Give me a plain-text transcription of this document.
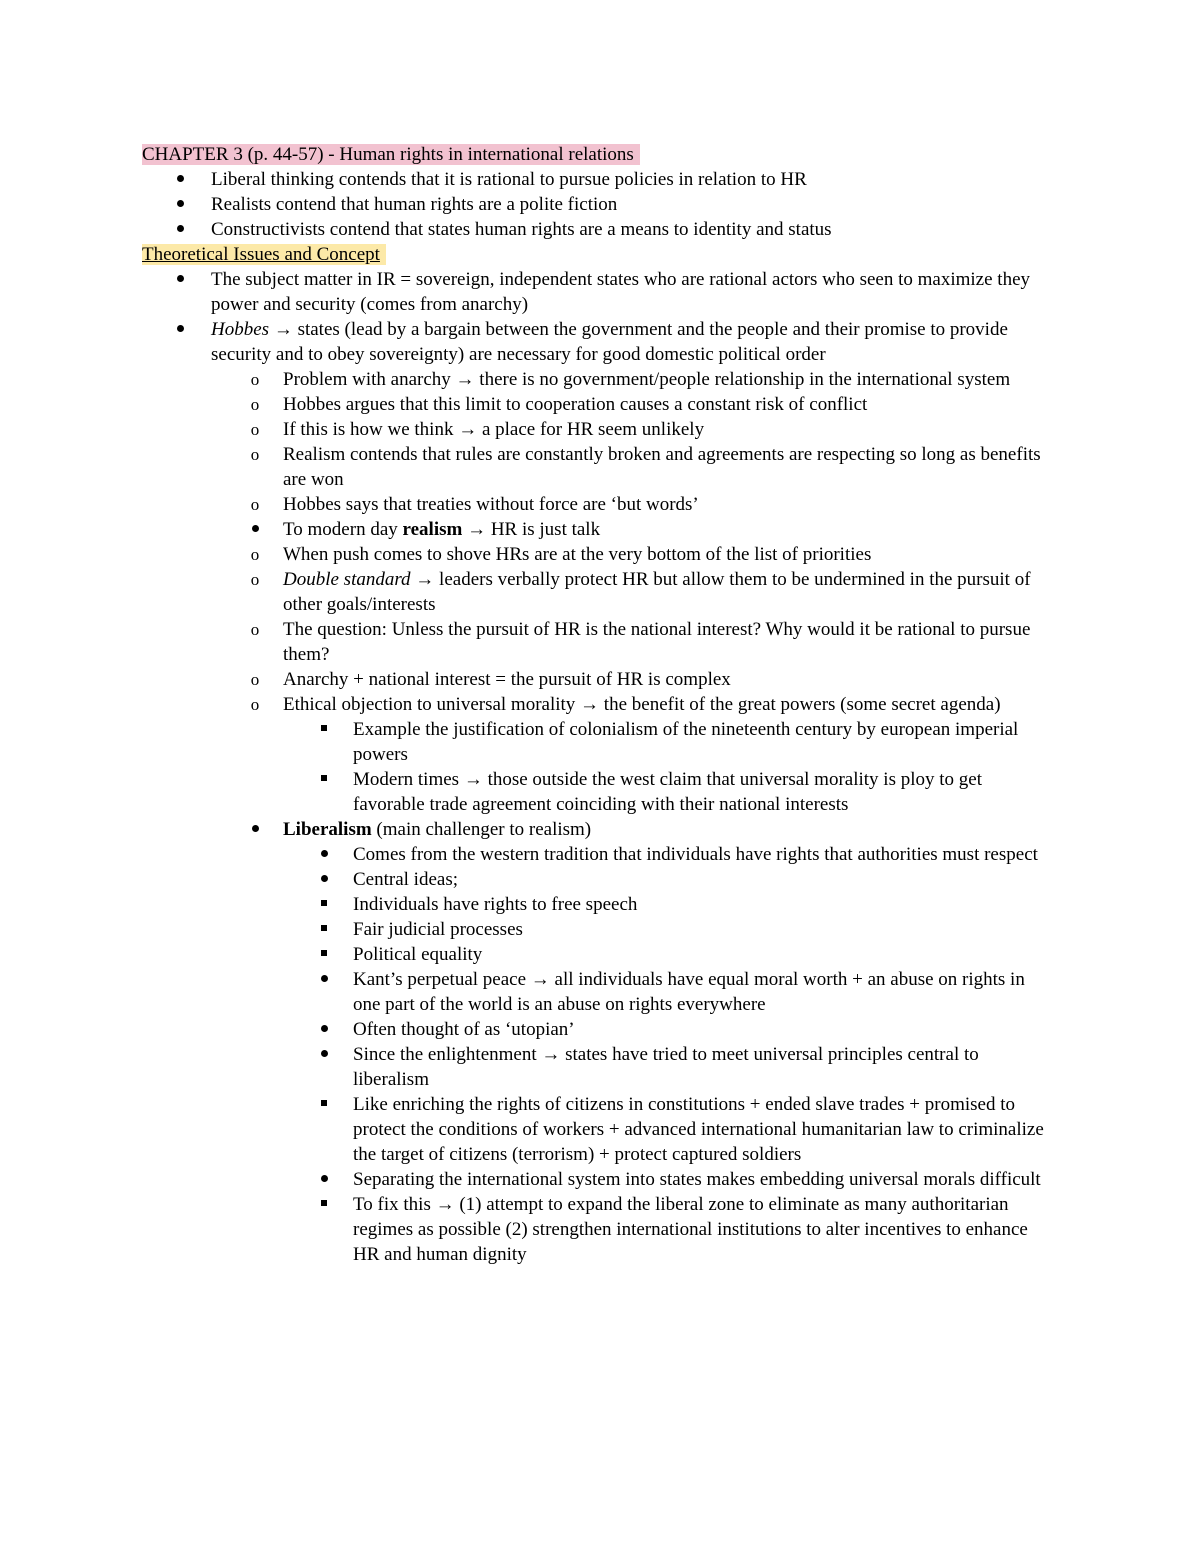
CHAPTER 3 (p. 44-57) - Human rights in international relations

Liberal thinking contends that it is rational to pursue policies in relation to HR
Realists contend that human rights are a polite fiction
Constructivists contend that states human rights are a means to identity and status

Theoretical Issues and Concept

The subject matter in IR = sovereign, independent states who are rational actors who seen to maximize they power and security (comes from anarchy)
Hobbes → states (lead by a bargain between the government and the people and their promise to provide security and to obey sovereignty) are necessary for good domestic political order
o	Problem with anarchy → there is no government/people relationship in the international system
o	Hobbes argues that this limit to cooperation causes a constant risk of conflict
o	If this is how we think → a place for HR seem unlikely
o	Realism contends that rules are constantly broken and agreements are respecting so long as benefits are won
o	Hobbes says that treaties without force are ‘but words’
To modern day realism → HR is just talk
o	When push comes to shove HRs are at the very bottom of the list of priorities
o	Double standard → leaders verbally protect HR but allow them to be undermined in the pursuit of other goals/interests
o	The question: Unless the pursuit of HR is the national interest? Why would it be rational to pursue them?
o	Anarchy + national interest = the pursuit of HR is complex
o	Ethical objection to universal morality → the benefit of the great powers (some secret agenda)
Example the justification of colonialism of the nineteenth century by european imperial powers
Modern times → those outside the west claim that universal morality is ploy to get favorable trade agreement coinciding with their national interests
Liberalism (main challenger to realism)
Comes from the western tradition that individuals have rights that authorities must respect
Central ideas;
Individuals have rights to free speech
Fair judicial processes
Political equality
Kant’s perpetual peace → all individuals have equal moral worth + an abuse on rights in one part of the world is an abuse on rights everywhere
Often thought of as ‘utopian’
Since the enlightenment → states have tried to meet universal principles central to liberalism
Like enriching the rights of citizens in constitutions + ended slave trades + promised to protect the conditions of workers + advanced international humanitarian law to criminalize the target of citizens (terrorism) + protect captured soldiers
Separating the international system into states makes embedding universal morals difficult
To fix this → (1) attempt to expand the liberal zone to eliminate as many authoritarian regimes as possible (2) strengthen international institutions to alter incentives to enhance HR and human dignity
